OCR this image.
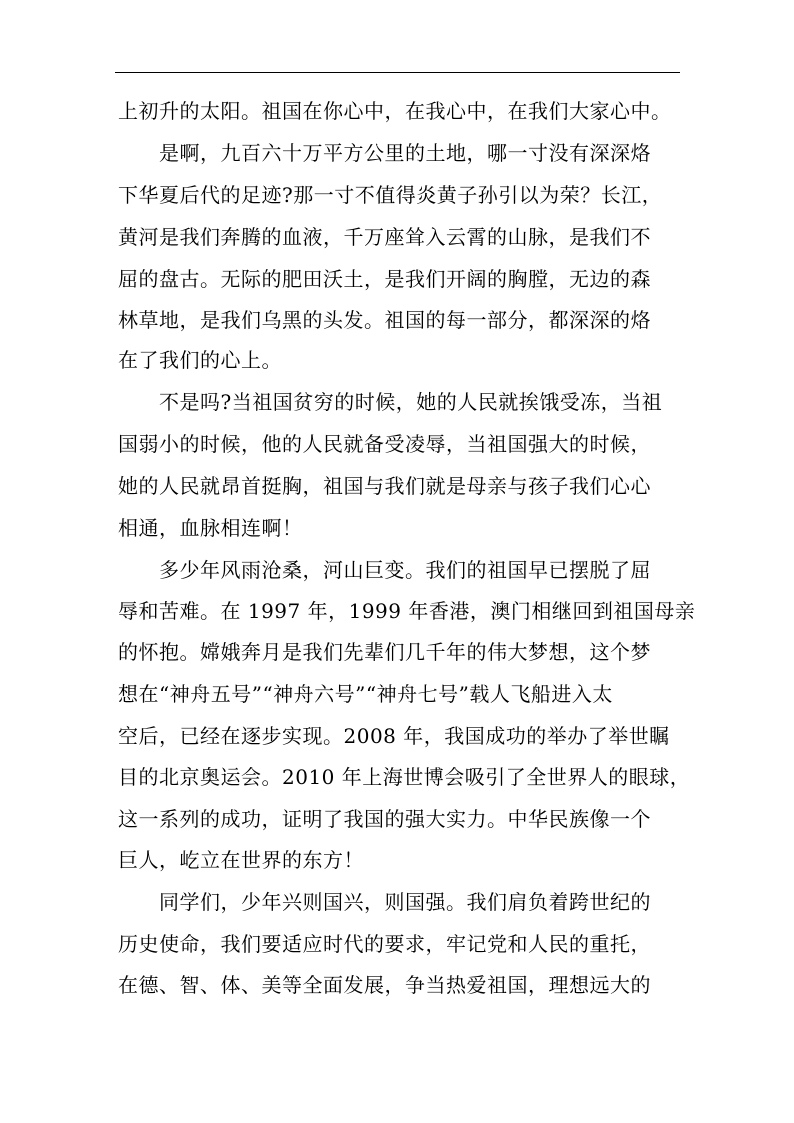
上初升的太阳。祖国在你心中，在我心中，在我们大家心中。
　　是啊，九百六十万平方公里的土地，哪一寸没有深深烙
下华夏后代的足迹?那一寸不值得炎黄子孙引以为荣？长江，
黄河是我们奔腾的血液，千万座耸入云霄的山脉，是我们不
屈的盘古。无际的肥田沃土，是我们开阔的胸膛，无边的森
林草地，是我们乌黑的头发。祖国的每一部分，都深深的烙
在了我们的心上。
　　不是吗?当祖国贫穷的时候，她的人民就挨饿受冻，当祖
国弱小的时候，他的人民就备受凌辱，当祖国强大的时候，
她的人民就昂首挺胸，祖国与我们就是母亲与孩子我们心心
相通，血脉相连啊！
　　多少年风雨沧桑，河山巨变。我们的祖国早已摆脱了屈
辱和苦难。在 1997 年，1999 年香港，澳门相继回到祖国母亲
的怀抱。嫦娥奔月是我们先辈们几千年的伟大梦想，这个梦
想在“神舟五号”“神舟六号”“神舟七号”载人飞船进入太
空后，已经在逐步实现。2008 年，我国成功的举办了举世瞩
目的北京奥运会。2010 年上海世博会吸引了全世界人的眼球，
这一系列的成功，证明了我国的强大实力。中华民族像一个
巨人，屹立在世界的东方！
　　同学们，少年兴则国兴，则国强。我们肩负着跨世纪的
历史使命，我们要适应时代的要求，牢记党和人民的重托，
在德、智、体、美等全面发展，争当热爱祖国，理想远大的
